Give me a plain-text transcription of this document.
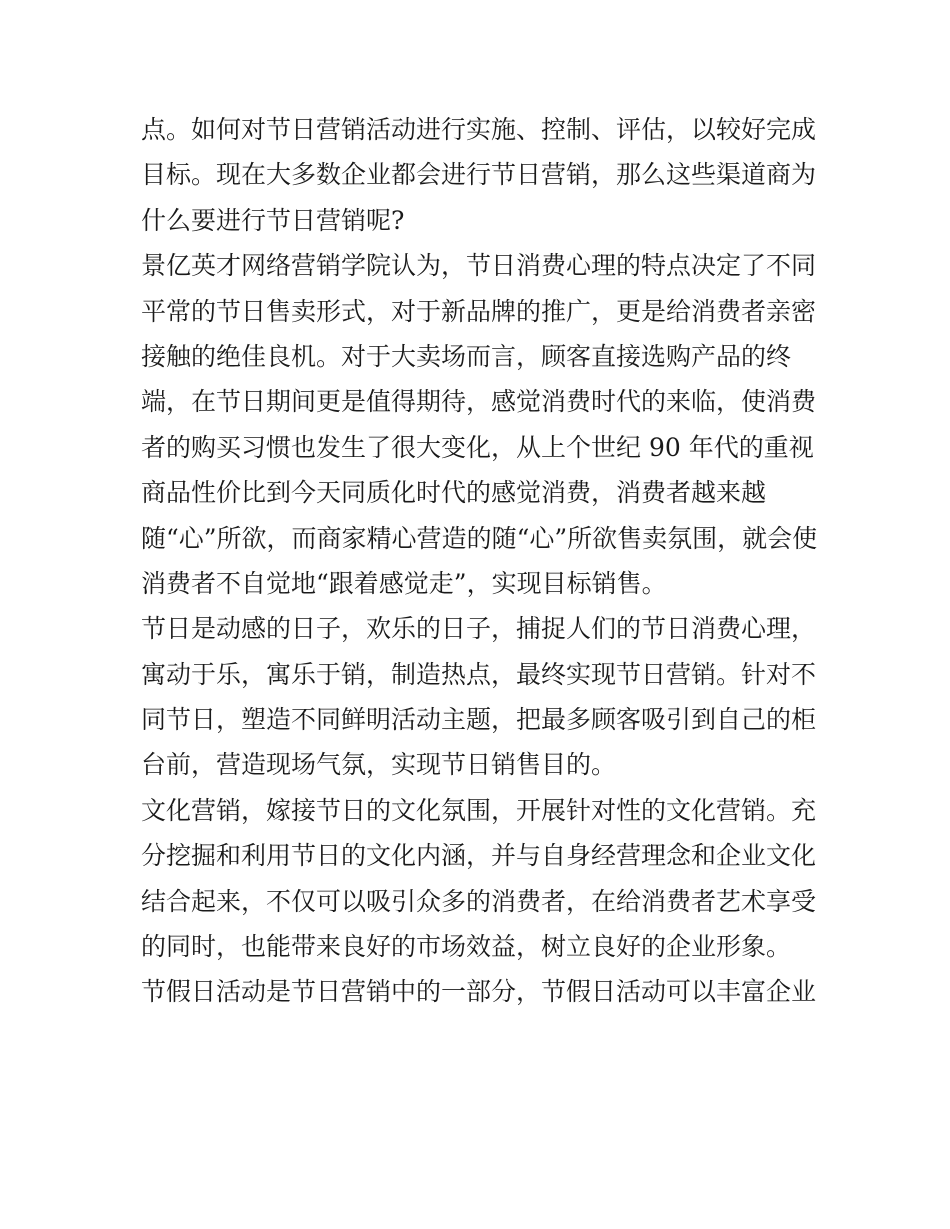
点。如何对节日营销活动进行实施、控制、评估，以较好完成
目标。现在大多数企业都会进行节日营销，那么这些渠道商为
什么要进行节日营销呢?
景亿英才网络营销学院认为，节日消费心理的特点决定了不同
平常的节日售卖形式，对于新品牌的推广，更是给消费者亲密
接触的绝佳良机。对于大卖场而言，顾客直接选购产品的终
端，在节日期间更是值得期待，感觉消费时代的来临，使消费
者的购买习惯也发生了很大变化，从上个世纪 90 年代的重视
商品性价比到今天同质化时代的感觉消费，消费者越来越
随“心”所欲，而商家精心营造的随“心”所欲售卖氛围，就会使
消费者不自觉地“跟着感觉走”，实现目标销售。
节日是动感的日子，欢乐的日子，捕捉人们的节日消费心理，
寓动于乐，寓乐于销，制造热点，最终实现节日营销。针对不
同节日，塑造不同鲜明活动主题，把最多顾客吸引到自己的柜
台前，营造现场气氛，实现节日销售目的。
文化营销，嫁接节日的文化氛围，开展针对性的文化营销。充
分挖掘和利用节日的文化内涵，并与自身经营理念和企业文化
结合起来，不仅可以吸引众多的消费者，在给消费者艺术享受
的同时，也能带来良好的市场效益，树立良好的企业形象。
节假日活动是节日营销中的一部分，节假日活动可以丰富企业
